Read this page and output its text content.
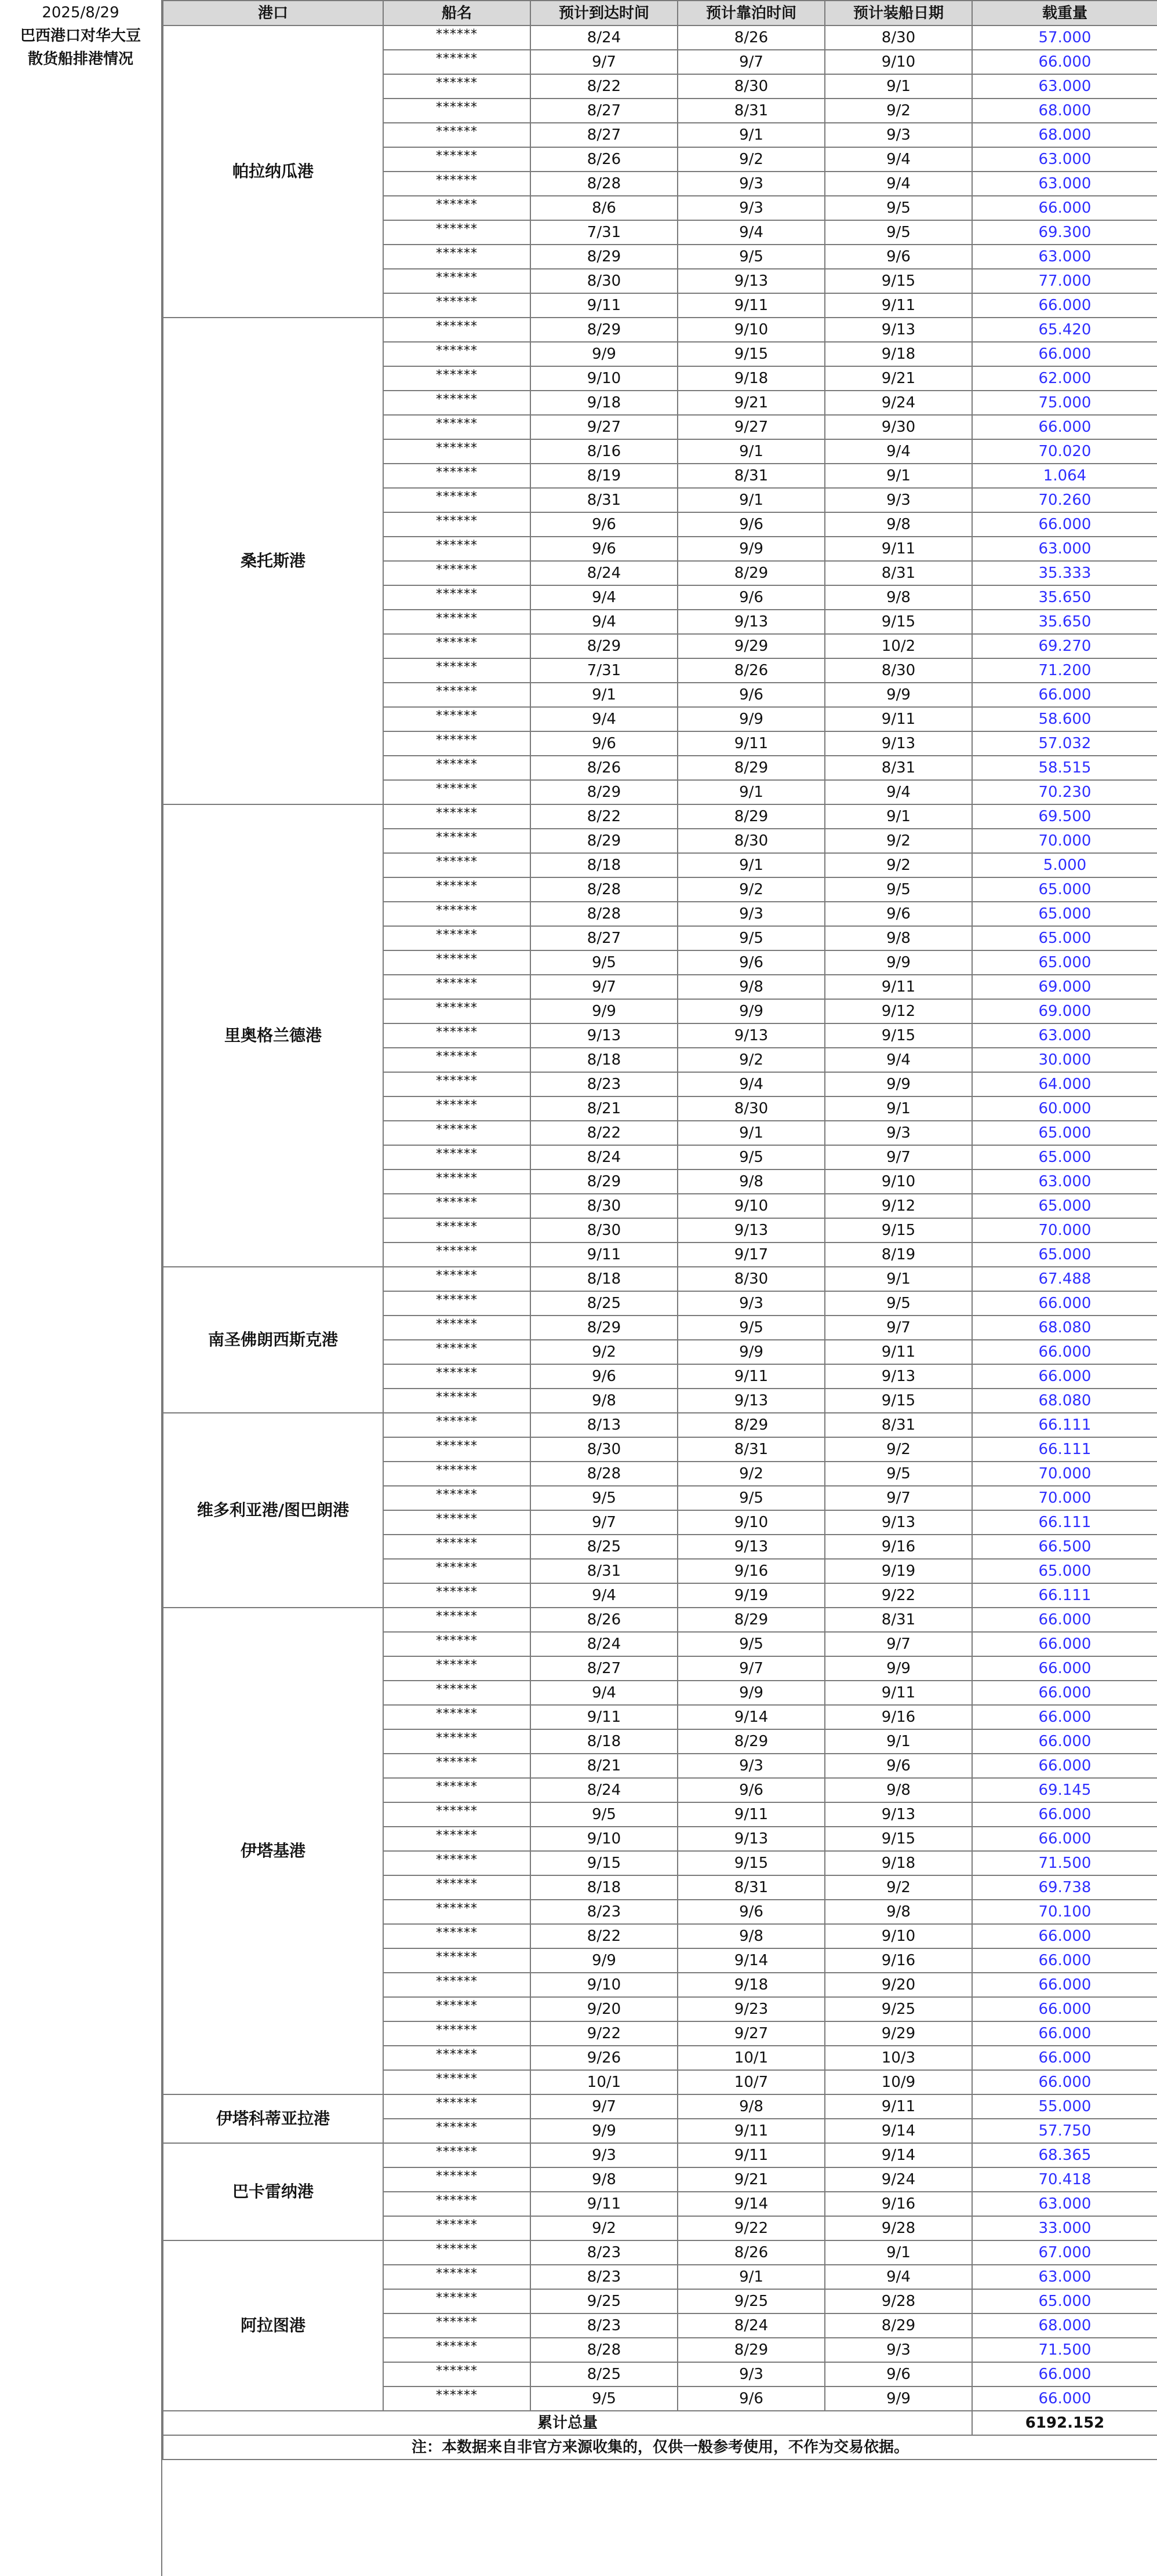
2025/8/29
巴西港口对华大豆
散货船排港情况
港口	船名	预计到达时间	预计靠泊时间	预计装船日期	载重量
帕拉纳瓜港	******	8/24	8/26	8/30	57.000
	******	9/7	9/7	9/10	66.000
	******	8/22	8/30	9/1	63.000
	******	8/27	8/31	9/2	68.000
	******	8/27	9/1	9/3	68.000
	******	8/26	9/2	9/4	63.000
	******	8/28	9/3	9/4	63.000
	******	8/6	9/3	9/5	66.000
	******	7/31	9/4	9/5	69.300
	******	8/29	9/5	9/6	63.000
	******	8/30	9/13	9/15	77.000
	******	9/11	9/11	9/11	66.000
桑托斯港	******	8/29	9/10	9/13	65.420
	******	9/9	9/15	9/18	66.000
	******	9/10	9/18	9/21	62.000
	******	9/18	9/21	9/24	75.000
	******	9/27	9/27	9/30	66.000
	******	8/16	9/1	9/4	70.020
	******	8/19	8/31	9/1	1.064
	******	8/31	9/1	9/3	70.260
	******	9/6	9/6	9/8	66.000
	******	9/6	9/9	9/11	63.000
	******	8/24	8/29	8/31	35.333
	******	9/4	9/6	9/8	35.650
	******	9/4	9/13	9/15	35.650
	******	8/29	9/29	10/2	69.270
	******	7/31	8/26	8/30	71.200
	******	9/1	9/6	9/9	66.000
	******	9/4	9/9	9/11	58.600
	******	9/6	9/11	9/13	57.032
	******	8/26	8/29	8/31	58.515
	******	8/29	9/1	9/4	70.230
里奥格兰德港	******	8/22	8/29	9/1	69.500
	******	8/29	8/30	9/2	70.000
	******	8/18	9/1	9/2	5.000
	******	8/28	9/2	9/5	65.000
	******	8/28	9/3	9/6	65.000
	******	8/27	9/5	9/8	65.000
	******	9/5	9/6	9/9	65.000
	******	9/7	9/8	9/11	69.000
	******	9/9	9/9	9/12	69.000
	******	9/13	9/13	9/15	63.000
	******	8/18	9/2	9/4	30.000
	******	8/23	9/4	9/9	64.000
	******	8/21	8/30	9/1	60.000
	******	8/22	9/1	9/3	65.000
	******	8/24	9/5	9/7	65.000
	******	8/29	9/8	9/10	63.000
	******	8/30	9/10	9/12	65.000
	******	8/30	9/13	9/15	70.000
	******	9/11	9/17	8/19	65.000
南圣佛朗西斯克港	******	8/18	8/30	9/1	67.488
	******	8/25	9/3	9/5	66.000
	******	8/29	9/5	9/7	68.080
	******	9/2	9/9	9/11	66.000
	******	9/6	9/11	9/13	66.000
	******	9/8	9/13	9/15	68.080
维多利亚港/图巴朗港	******	8/13	8/29	8/31	66.111
	******	8/30	8/31	9/2	66.111
	******	8/28	9/2	9/5	70.000
	******	9/5	9/5	9/7	70.000
	******	9/7	9/10	9/13	66.111
	******	8/25	9/13	9/16	66.500
	******	8/31	9/16	9/19	65.000
	******	9/4	9/19	9/22	66.111
伊塔基港	******	8/26	8/29	8/31	66.000
	******	8/24	9/5	9/7	66.000
	******	8/27	9/7	9/9	66.000
	******	9/4	9/9	9/11	66.000
	******	9/11	9/14	9/16	66.000
	******	8/18	8/29	9/1	66.000
	******	8/21	9/3	9/6	66.000
	******	8/24	9/6	9/8	69.145
	******	9/5	9/11	9/13	66.000
	******	9/10	9/13	9/15	66.000
	******	9/15	9/15	9/18	71.500
	******	8/18	8/31	9/2	69.738
	******	8/23	9/6	9/8	70.100
	******	8/22	9/8	9/10	66.000
	******	9/9	9/14	9/16	66.000
	******	9/10	9/18	9/20	66.000
	******	9/20	9/23	9/25	66.000
	******	9/22	9/27	9/29	66.000
	******	9/26	10/1	10/3	66.000
	******	10/1	10/7	10/9	66.000
伊塔科蒂亚拉港	******	9/7	9/8	9/11	55.000
	******	9/9	9/11	9/14	57.750
巴卡雷纳港	******	9/3	9/11	9/14	68.365
	******	9/8	9/21	9/24	70.418
	******	9/11	9/14	9/16	63.000
	******	9/2	9/22	9/28	33.000
阿拉图港	******	8/23	8/26	9/1	67.000
	******	8/23	9/1	9/4	63.000
	******	9/25	9/25	9/28	65.000
	******	8/23	8/24	8/29	68.000
	******	8/28	8/29	9/3	71.500
	******	8/25	9/3	9/6	66.000
	******	9/5	9/6	9/9	66.000
累计总量					6192.152
注：本数据来自非官方来源收集的，仅供一般参考使用，不作为交易依据。					
